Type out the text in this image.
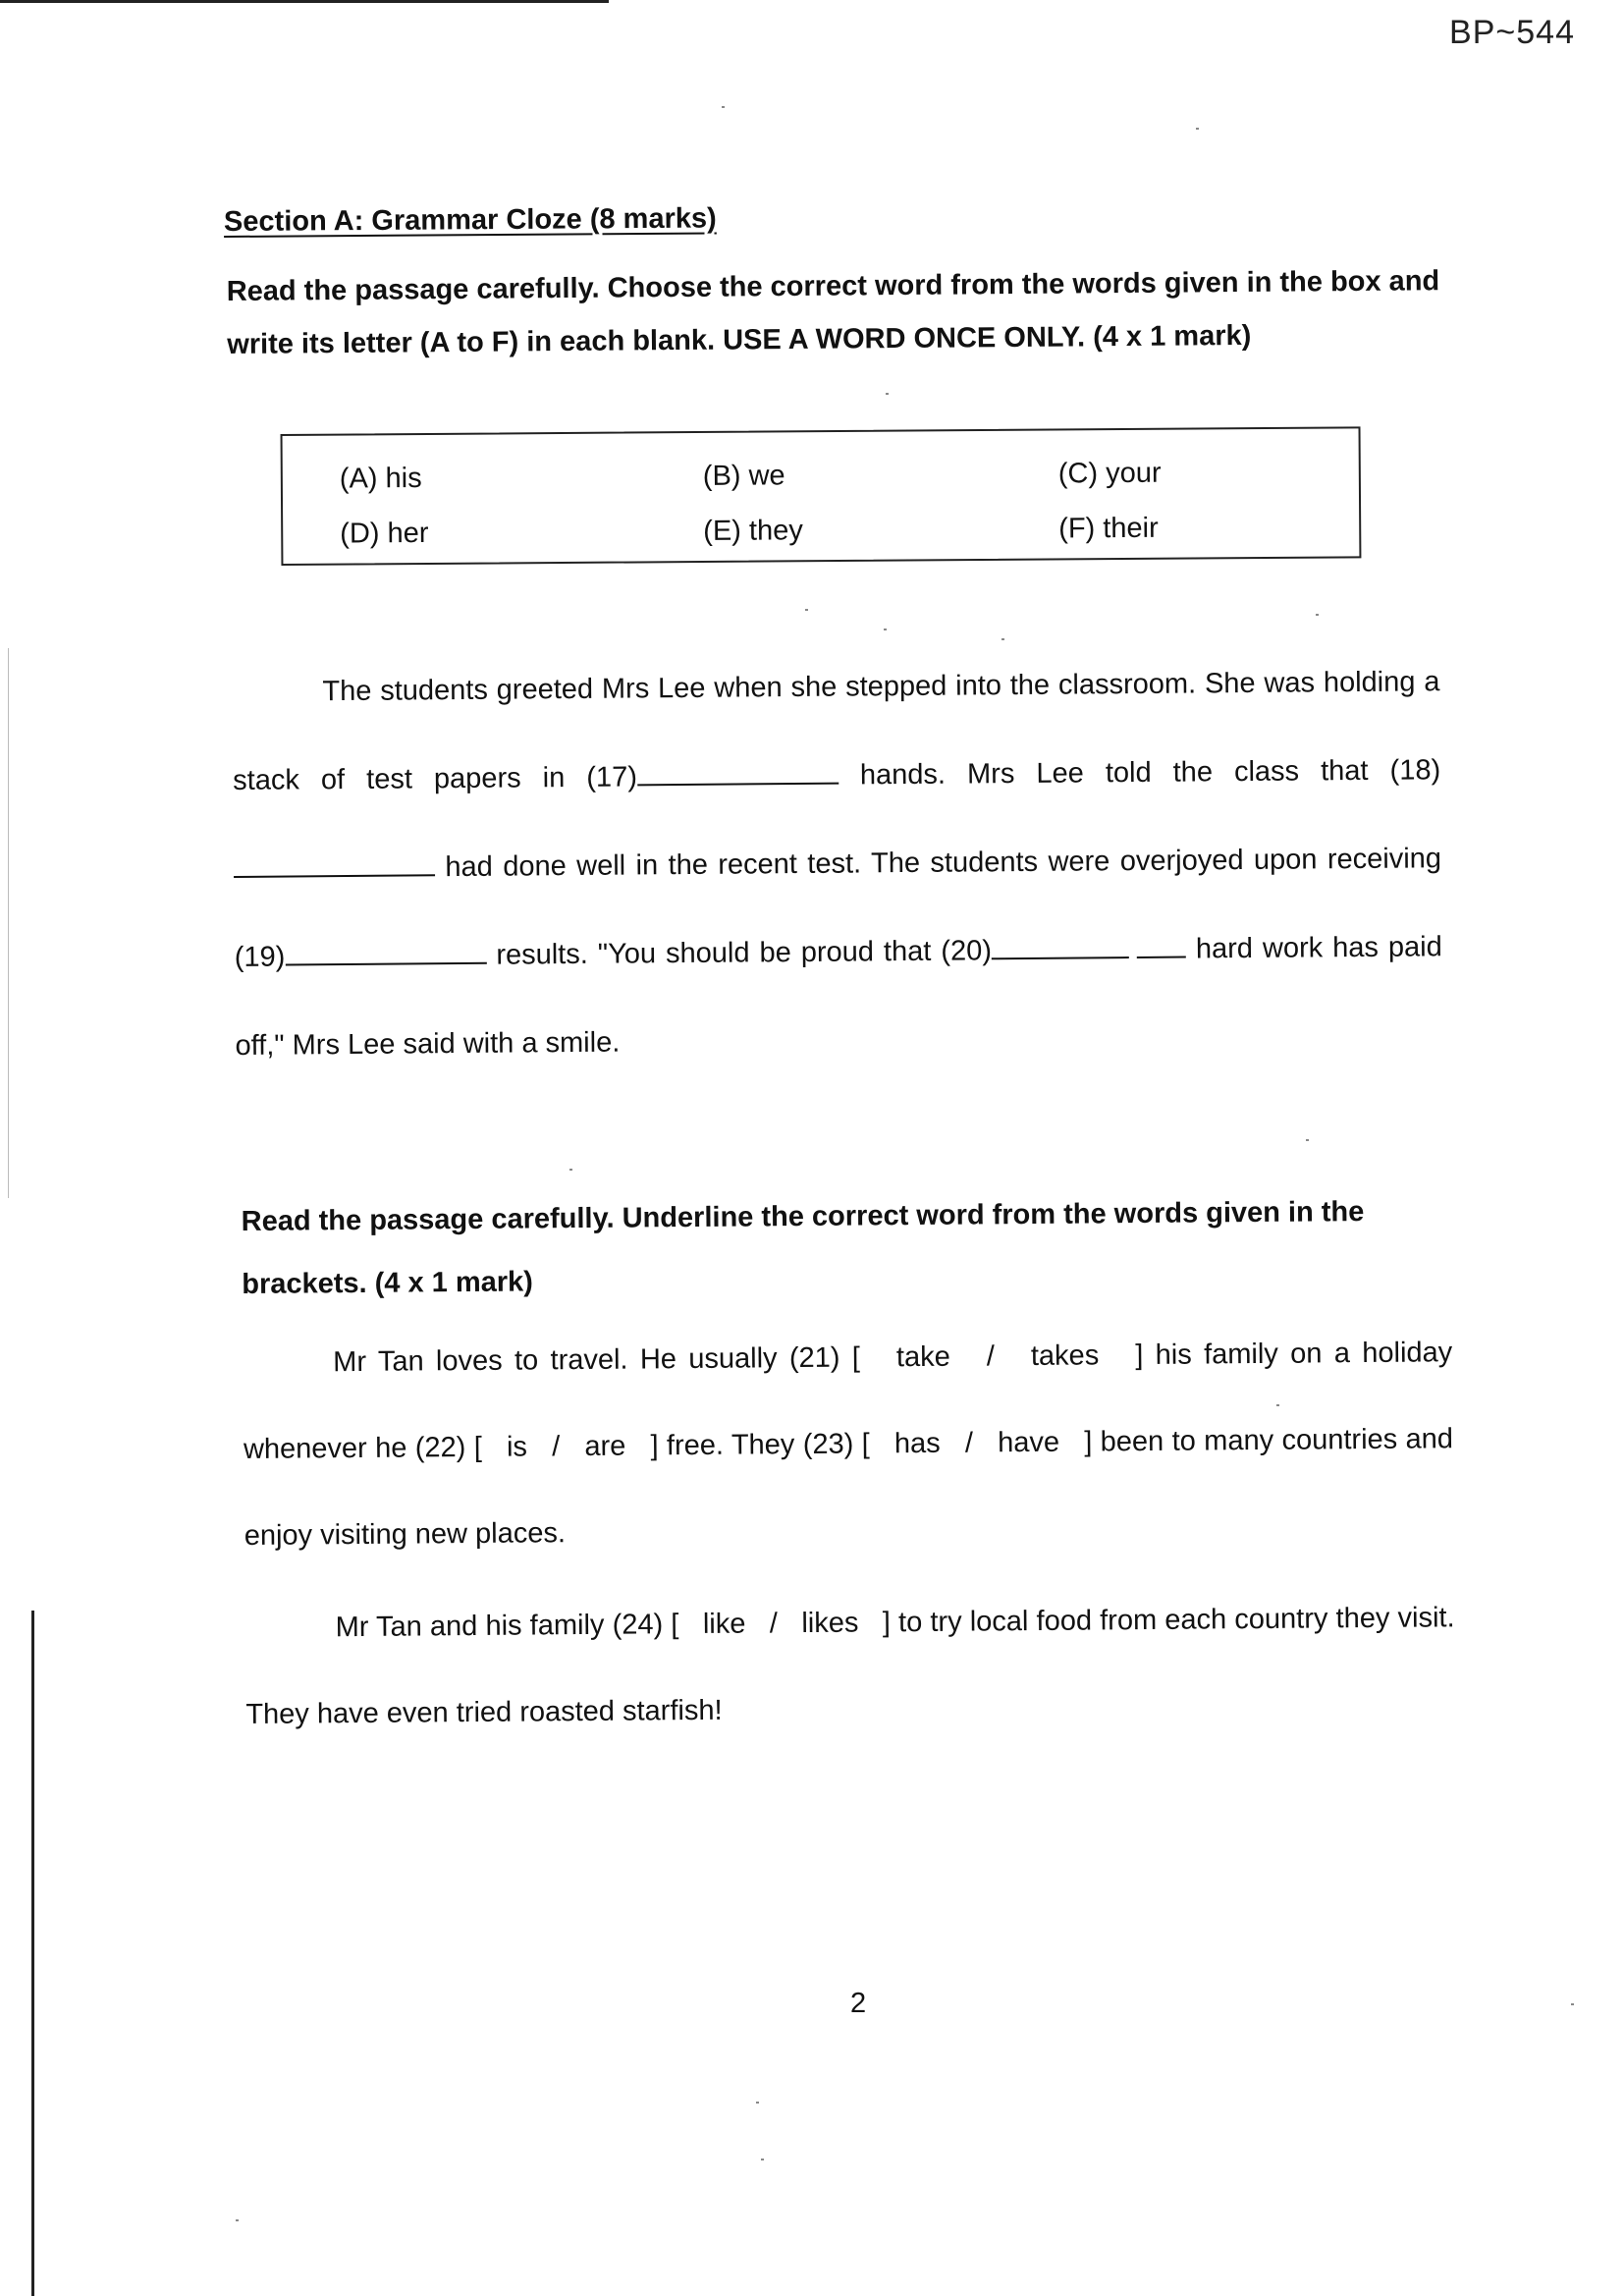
BP~544
Section A: Grammar Cloze (8 marks)
Read the passage carefully. Choose the correct word from the words given in the box and write its letter (A to F) in each blank. USE A WORD ONCE ONLY. (4 x 1 mark)
(A) his	(B) we	(C) your
(D) her	(E) they	(F) their
The students greeted Mrs Lee when she stepped into the classroom. She was holding a stack of test papers in (17)	hands. Mrs Lee told the class that (18) had done well in the recent test. The students were overjoyed upon receiving (19)	results. "You should be proud that (20)	hard work has paid off," Mrs Lee said with a smile.
Read the passage carefully. Underline the correct word from the words given in the brackets. (4 x 1 mark)
Mr Tan loves to travel. He usually (21) [   take   /   takes   ] his family on a holiday whenever he (22) [   is   /   are   ] free. They (23) [   has   /   have   ] been to many countries and enjoy visiting new places.
Mr Tan and his family (24) [   like   /   likes   ] to try local food from each country they visit. They have even tried roasted starfish!
2
